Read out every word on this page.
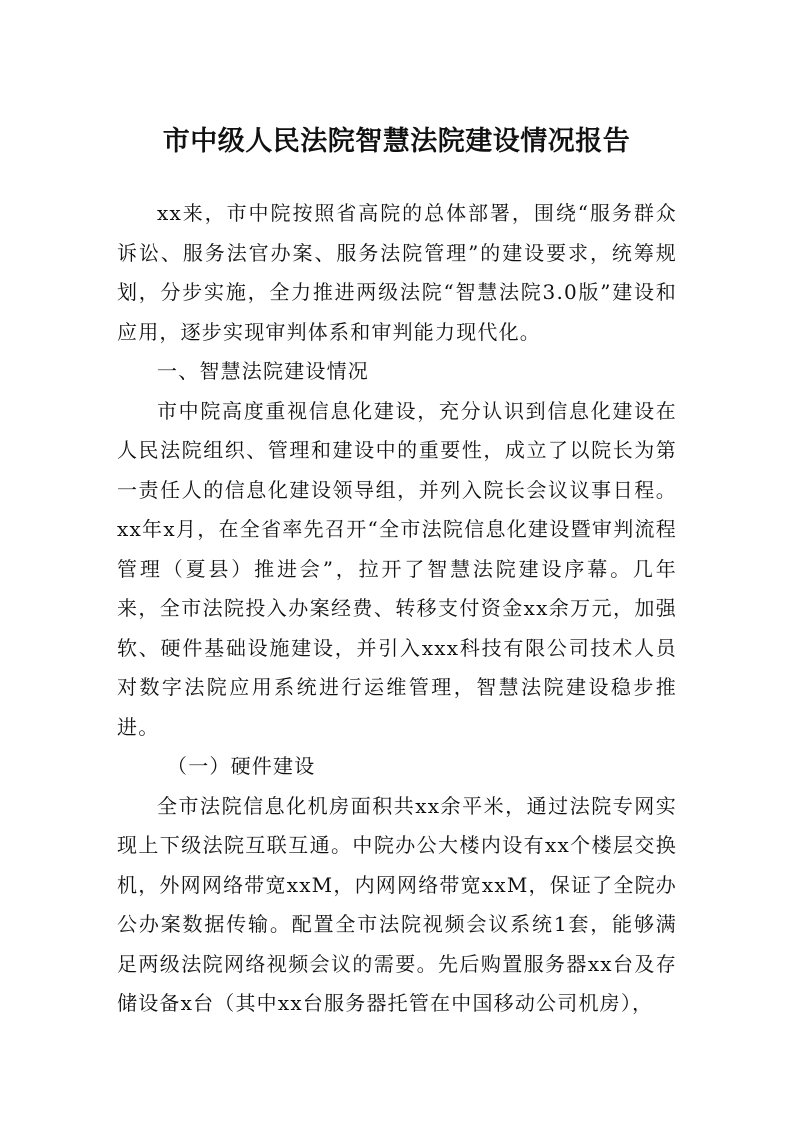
市中级人民法院智慧法院建设情况报告

xx来，市中院按照省高院的总体部署，围绕“服务群众诉讼、服务法官办案、服务法院管理”的建设要求，统筹规划，分步实施，全力推进两级法院“智慧法院3.0版”建设和应用，逐步实现审判体系和审判能力现代化。

一、智慧法院建设情况

市中院高度重视信息化建设，充分认识到信息化建设在人民法院组织、管理和建设中的重要性，成立了以院长为第一责任人的信息化建设领导组，并列入院长会议议事日程。xx年x月，在全省率先召开“全市法院信息化建设暨审判流程管理（夏县）推进会”，拉开了智慧法院建设序幕。几年来，全市法院投入办案经费、转移支付资金xx余万元，加强软、硬件基础设施建设，并引入xxx科技有限公司技术人员对数字法院应用系统进行运维管理，智慧法院建设稳步推进。

（一）硬件建设

全市法院信息化机房面积共xx余平米，通过法院专网实现上下级法院互联互通。中院办公大楼内设有xx个楼层交换机，外网网络带宽xxM，内网网络带宽xxM，保证了全院办公办案数据传输。配置全市法院视频会议系统1套，能够满足两级法院网络视频会议的需要。先后购置服务器xx台及存储设备x台（其中xx台服务器托管在中国移动公司机房），
